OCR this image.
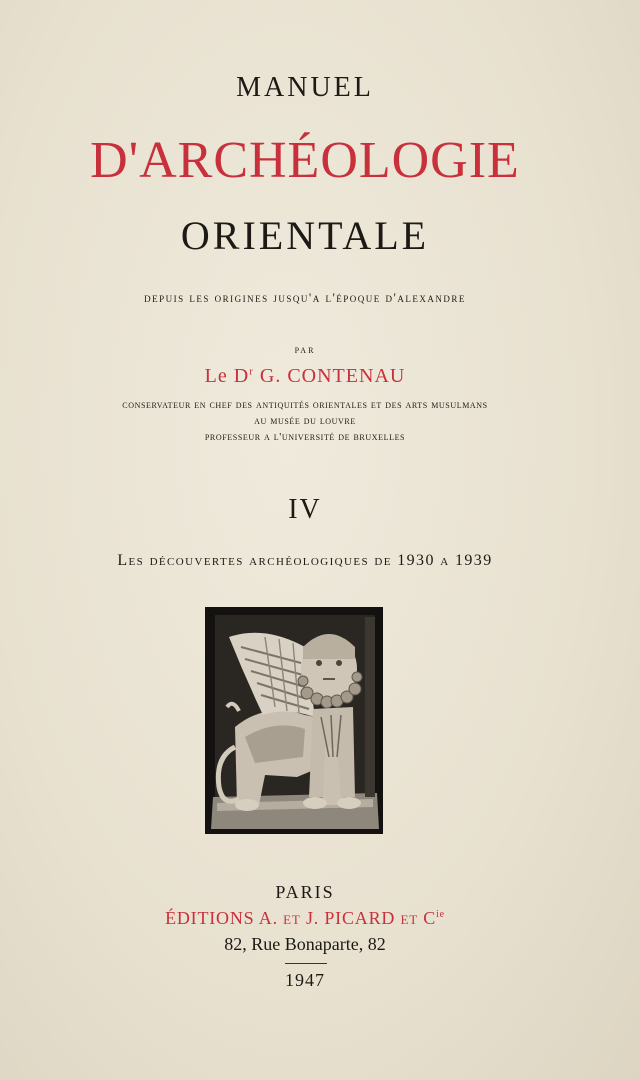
MANUEL
D'ARCHÉOLOGIE
ORIENTALE
depuis les origines jusqu'a l'époque d'alexandre
par
Le $D^r$ G. CONTENAU
conservateur en chef des antiquités orientales et des arts musulmans
au musée du louvre
professeur a l'université de bruxelles
IV
Les découvertes archéologiques de 1930 a 1939
PARIS
ÉDITIONS A. et J. PICARD et $C^{ie}$
82, Rue Bonaparte, 82
1947
